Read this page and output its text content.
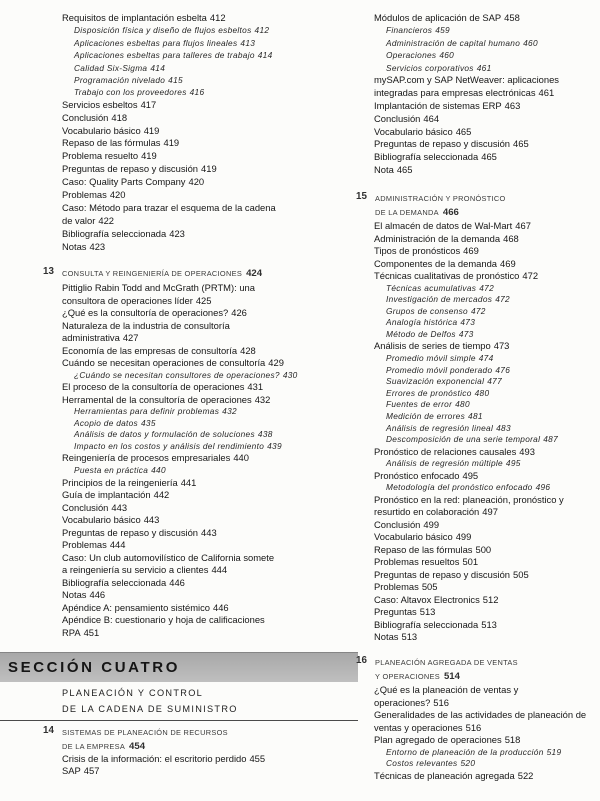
Requisitos de implantación esbelta 412
Disposición física y diseño de flujos esbeltos 412
Aplicaciones esbeltas para flujos lineales 413
Aplicaciones esbeltas para talleres de trabajo 414
Calidad Six-Sigma 414
Programación nivelado 415
Trabajo con los proveedores 416
Servicios esbeltos 417
Conclusión 418
Vocabulario básico 419
Repaso de las fórmulas 419
Problema resuelto 419
Preguntas de repaso y discusión 419
Caso: Quality Parts Company 420
Problemas 420
Caso: Método para trazar el esquema de la cadena
de valor 422
Bibliografía seleccionada 423
Notas 423
13 CONSULTA Y REINGENIERÍA DE OPERACIONES 424
Pittiglio Rabin Todd and McGrath (PRTM): una
consultora de operaciones líder 425
¿Qué es la consultoría de operaciones? 426
Naturaleza de la industria de consultoría
administrativa 427
Economía de las empresas de consultoría 428
Cuándo se necesitan operaciones de consultoría 429
¿Cuándo se necesitan consultores de operaciones? 430
El proceso de la consultoría de operaciones 431
Herramental de la consultoría de operaciones 432
Herramientas para definir problemas 432
Acopio de datos 435
Análisis de datos y formulación de soluciones 438
Impacto en los costos y análisis del rendimiento 439
Reingeniería de procesos empresariales 440
Puesta en práctica 440
Principios de la reingeniería 441
Guía de implantación 442
Conclusión 443
Vocabulario básico 443
Preguntas de repaso y discusión 443
Problemas 444
Caso: Un club automovilístico de California somete
a reingeniería su servicio a clientes 444
Bibliografía seleccionada 446
Notas 446
Apéndice A: pensamiento sistémico 446
Apéndice B: cuestionario y hoja de calificaciones
RPA 451
SECCIÓN CUATRO
PLANEACIÓN Y CONTROL
DE LA CADENA DE SUMINISTRO
14 SISTEMAS DE PLANEACIÓN DE RECURSOS
DE LA EMPRESA 454
Crisis de la información: el escritorio perdido 455
SAP 457
Módulos de aplicación de SAP 458
Financieros 459
Administración de capital humano 460
Operaciones 460
Servicios corporativos 461
mySAP.com y SAP NetWeaver: aplicaciones
integradas para empresas electrónicas 461
Implantación de sistemas ERP 463
Conclusión 464
Vocabulario básico 465
Preguntas de repaso y discusión 465
Bibliografía seleccionada 465
Nota 465
15 ADMINISTRACIÓN Y PRONÓSTICO
DE LA DEMANDA 466
El almacén de datos de Wal-Mart 467
Administración de la demanda 468
Tipos de pronósticos 469
Componentes de la demanda 469
Técnicas cualitativas de pronóstico 472
Técnicas acumulativas 472
Investigación de mercados 472
Grupos de consenso 472
Analogía histórica 473
Método de Delfos 473
Análisis de series de tiempo 473
Promedio móvil simple 474
Promedio móvil ponderado 476
Suavización exponencial 477
Errores de pronóstico 480
Fuentes de error 480
Medición de errores 481
Análisis de regresión lineal 483
Descomposición de una serie temporal 487
Pronóstico de relaciones causales 493
Análisis de regresión múltiple 495
Pronóstico enfocado 495
Metodología del pronóstico enfocado 496
Pronóstico en la red: planeación, pronóstico y
resurtido en colaboración 497
Conclusión 499
Vocabulario básico 499
Repaso de las fórmulas 500
Problemas resueltos 501
Preguntas de repaso y discusión 505
Problemas 505
Caso: Altavox Electronics 512
Preguntas 513
Bibliografía seleccionada 513
Notas 513
16 PLANEACIÓN AGREGADA DE VENTAS
Y OPERACIONES 514
¿Qué es la planeación de ventas y
operaciones? 516
Generalidades de las actividades de planeación de
ventas y operaciones 516
Plan agregado de operaciones 518
Entorno de planeación de la producción 519
Costos relevantes 520
Técnicas de planeación agregada 522
